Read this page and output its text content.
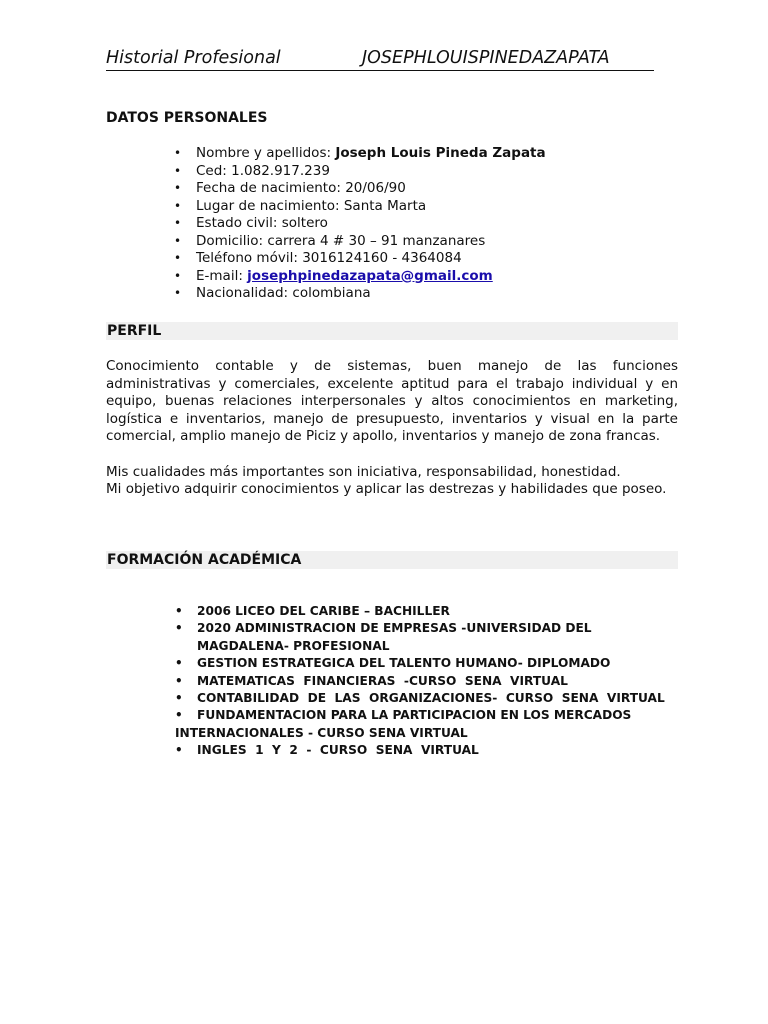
Historial Profesional	JOSEPHLOUISPINEDAZAPATA
DATOS PERSONALES
• Nombre y apellidos: Joseph Louis Pineda Zapata
• Ced: 1.082.917.239
• Fecha de nacimiento: 20/06/90
• Lugar de nacimiento: Santa Marta
• Estado civil: soltero
• Domicilio: carrera 4 # 30 – 91 manzanares
• Teléfono móvil: 3016124160 - 4364084
• E-mail: josephpinedazapata@gmail.com
• Nacionalidad: colombiana
PERFIL

Conocimiento contable y de sistemas, buen manejo de las funciones administrativas y comerciales, excelente aptitud para el trabajo individual y en equipo, buenas relaciones interpersonales y altos conocimientos en marketing, logística e inventarios, manejo de presupuesto, inventarios y visual en la parte comercial, amplio manejo de Piciz y apollo, inventarios y manejo de zona francas.

Mis cualidades más importantes son iniciativa, responsabilidad, honestidad.

Mi objetivo adquirir conocimientos y aplicar las destrezas y habilidades que poseo.

FORMACIÓN ACADÉMICA
• 2006 LICEO DEL CARIBE – BACHILLER
• 2020 ADMINISTRACION DE EMPRESAS -UNIVERSIDAD DEL MAGDALENA- PROFESIONAL
• GESTION ESTRATEGICA DEL TALENTO HUMANO- DIPLOMADO
• MATEMATICAS  FINANCIERAS  -CURSO  SENA  VIRTUAL
• CONTABILIDAD  DE  LAS  ORGANIZACIONES-  CURSO  SENA  VIRTUAL
• FUNDAMENTACION PARA LA PARTICIPACION EN LOS MERCADOS
INTERNACIONALES - CURSO SENA VIRTUAL
• INGLES  1  Y  2  -  CURSO  SENA  VIRTUAL
